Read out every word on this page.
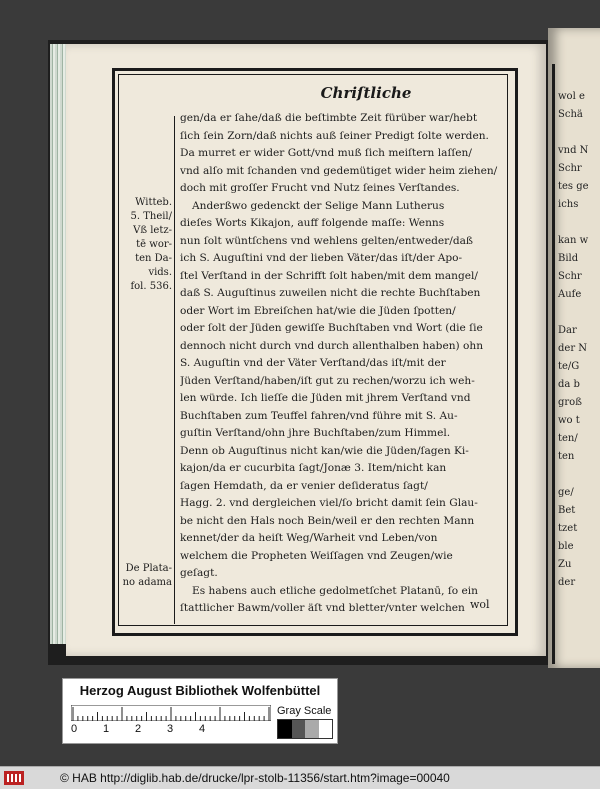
wol e
Schä

vnd N
Schr
tes ge
ichs

kan w
Bild
Schr
Aufe

Dar
der N
te/G
da b
groß
wo t
ten/
ten

ge/
Bet
tzet
ble
Zu
der
Chriſtliche
gen/da er ſahe/daß die beſtimbte Zeit fürüber war/hebt
ſich ſein Zorn/daß nichts auß ſeiner Predigt ſolte werden.
Da murret er wider Gott/vnd muß ſich meiſtern laſſen/
vnd alſo mit ſchanden vnd gedemütiget wider heim ziehen/
doch mit groſſer Frucht vnd Nutz ſeines Verſtandes.
Anderßwo gedenckt der Selige Mann Lutherus
dieſes Worts Kikajon, auff folgende maſſe: Wenns
nun ſolt wüntſchens vnd wehlens gelten/entweder/daß
ich S. Auguſtini vnd der lieben Väter/das iſt/der Apo-
ſtel Verſtand in der Schrifft ſolt haben/mit dem mangel/
daß S. Auguſtinus zuweilen nicht die rechte Buchſtaben
oder Wort im Ebreiſchen hat/wie die Jüden ſpotten/
oder ſolt der Jüden gewiſſe Buchſtaben vnd Wort (die ſie
dennoch nicht durch vnd durch allenthalben haben) ohn
S. Auguſtin vnd der Väter Verſtand/das iſt/mit der
Jüden Verſtand/haben/iſt gut zu rechen/worzu ich weh-
len würde. Ich lieſſe die Jüden mit jhrem Verſtand vnd
Buchſtaben zum Teuffel fahren/vnd führe mit S. Au-
guſtin Verſtand/ohn jhre Buchſtaben/zum Himmel.
Denn ob Auguſtinus nicht kan/wie die Jüden/ſagen Ki-
kajon/da er cucurbita ſagt/Jonæ 3. Item/nicht kan
ſagen Hemdath, da er venier deſideratus ſagt/
Hagg. 2. vnd dergleichen viel/ſo bricht damit ſein Glau-
be nicht den Hals noch Bein/weil er den rechten Mann
kennet/der da heiſt Weg/Warheit vnd Leben/von
welchem die Propheten Weiſſagen vnd Zeugen/wie
geſagt.
Es habens auch etliche gedolmetſchet Platanū, ſo ein
ſtattlicher Bawm/voller äſt vnd bletter/vnter welchen
Witteb.
5. Theil/
Vß letz-
tē wor-
ten Da-
vids.
fol. 536.
De Plata-
no adama
wol
Herzog August Bibliothek Wolfenbüttel
0 1 2 3 4
Gray Scale
© HAB http://diglib.hab.de/drucke/lpr-stolb-11356/start.htm?image=00040
